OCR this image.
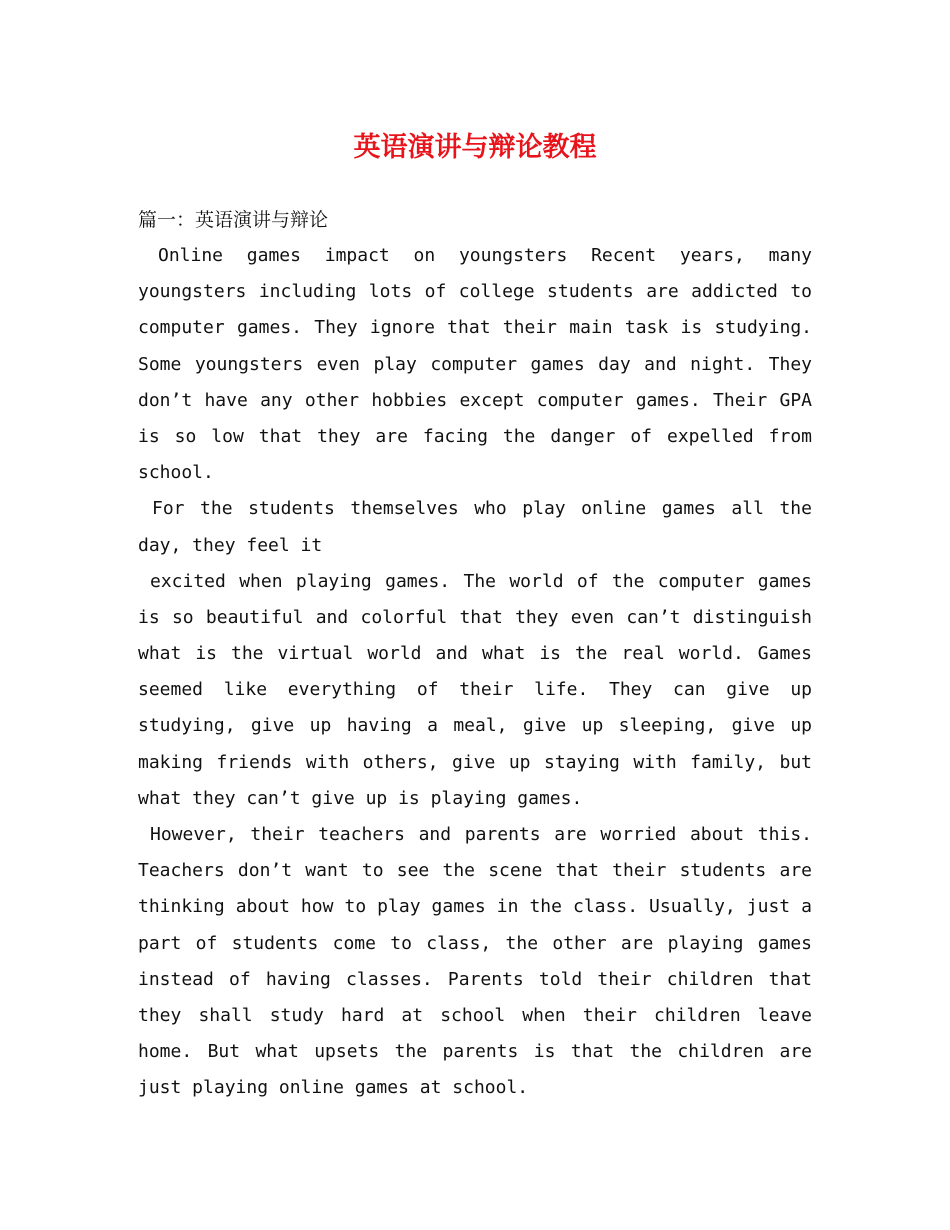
英语演讲与辩论教程

篇一：英语演讲与辩论

Online games impact on youngsters Recent years, many
youngsters including lots of college students are addicted to
computer games. They ignore that their main task is studying.
Some youngsters even play computer games day and night. They
don’t have any other hobbies except computer games. Their GPA
is so low that they are facing the danger of expelled from
school.
For the students themselves who play online games all the
day, they feel it
excited when playing games. The world of the computer games
is so beautiful and colorful that they even can’t distinguish
what is the virtual world and what is the real world. Games
seemed like everything of their life. They can give up
studying, give up having a meal, give up sleeping, give up
making friends with others, give up staying with family, but
what they can’t give up is playing games.
However, their teachers and parents are worried about this.
Teachers don’t want to see the scene that their students are
thinking about how to play games in the class. Usually, just a
part of students come to class, the other are playing games
instead of having classes. Parents told their children that
they shall study hard at school when their children leave
home. But what upsets the parents is that the children are
just playing online games at school.
